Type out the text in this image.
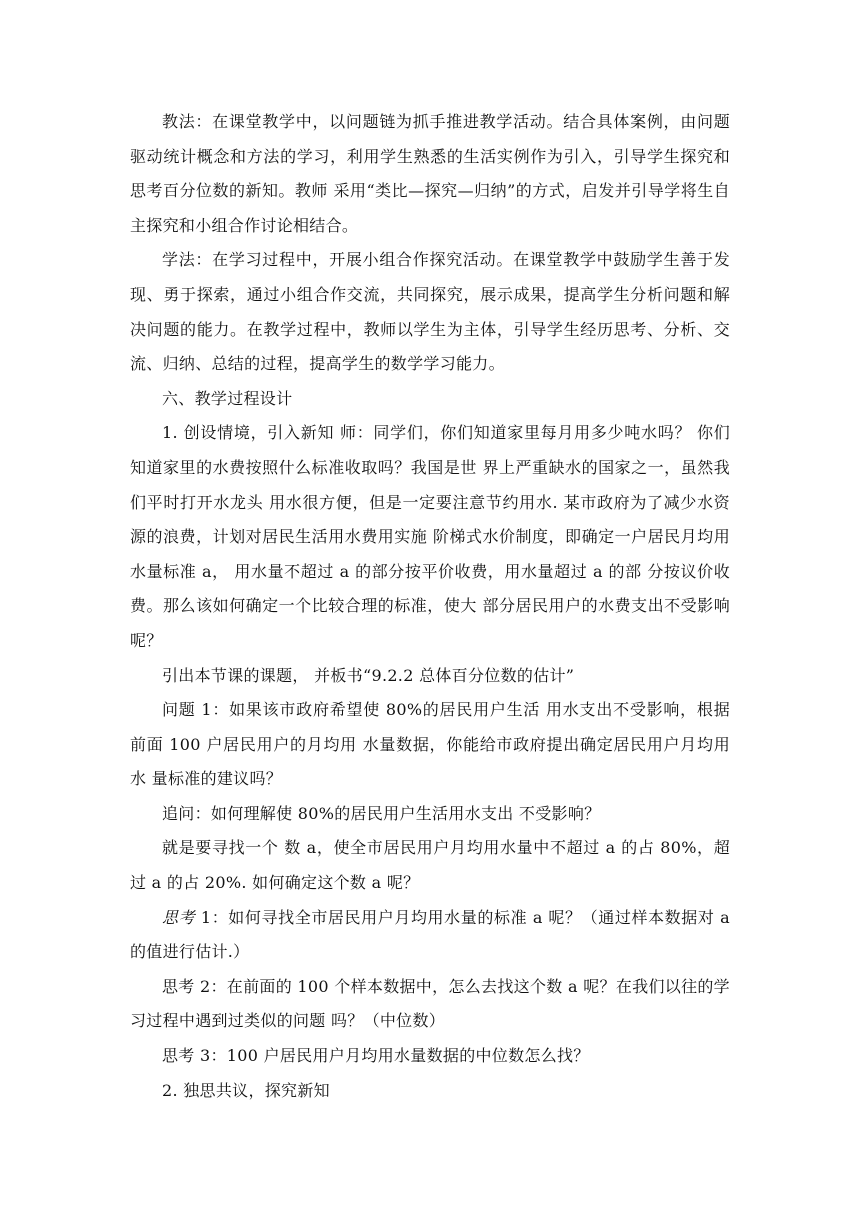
教法：在课堂教学中，以问题链为抓手推进教学活动。结合具体案例，由问题驱动统计概念和方法的学习，利用学生熟悉的生活实例作为引入，引导学生探究和思考百分位数的新知。教师 采用“类比—探究—归纳”的方式，启发并引导学将生自主探究和小组合作讨论相结合。

学法：在学习过程中，开展小组合作探究活动。在课堂教学中鼓励学生善于发现、勇于探索，通过小组合作交流，共同探究，展示成果，提高学生分析问题和解决问题的能力。在教学过程中，教师以学生为主体，引导学生经历思考、分析、交流、归纳、总结的过程，提高学生的数学学习能力。

六、教学过程设计

1. 创设情境，引入新知 师：同学们，你们知道家里每月用多少吨水吗？ 你们知道家里的水费按照什么标准收取吗？我国是世 界上严重缺水的国家之一，虽然我们平时打开水龙头 用水很方便，但是一定要注意节约用水. 某市政府为了减少水资源的浪费，计划对居民生活用水费用实施 阶梯式水价制度，即确定一户居民月均用水量标准 a， 用水量不超过 a 的部分按平价收费，用水量超过 a 的部 分按议价收费。那么该如何确定一个比较合理的标准，使大 部分居民用户的水费支出不受影响呢？

引出本节课的课题， 并板书“9.2.2 总体百分位数的估计”

问题 1：如果该市政府希望使 80%的居民用户生活 用水支出不受影响，根据前面 100 户居民用户的月均用 水量数据，你能给市政府提出确定居民用户月均用水 量标准的建议吗？

追问：如何理解使 80%的居民用户生活用水支出 不受影响？

就是要寻找一个 数 a，使全市居民用户月均用水量中不超过 a 的占 80%，超 过 a 的占 20%. 如何确定这个数 a 呢？

思考 1：如何寻找全市居民用户月均用水量的标准 a 呢？（通过样本数据对 a 的值进行估计.）

思考 2：在前面的 100 个样本数据中，怎么去找这个数 a 呢？在我们以往的学习过程中遇到过类似的问题 吗？（中位数）

思考 3：100 户居民用户月均用水量数据的中位数怎么找？

2. 独思共议，探究新知
